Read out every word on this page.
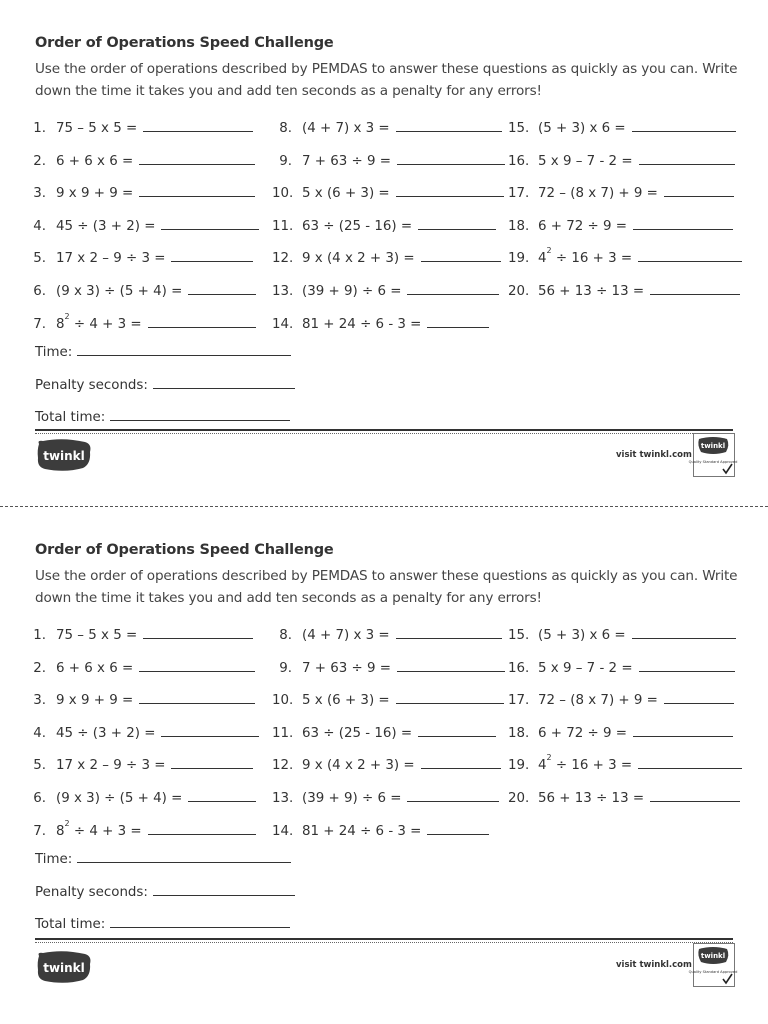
Order of Operations Speed Challenge
Use the order of operations described by PEMDAS to answer these questions as quickly as you can. Write down the time it takes you and add ten seconds as a penalty for any errors!
1. 75 – 5 x 5 =
2. 6 + 6 x 6 =
3. 9 x 9 + 9 =
4. 45 ÷ (3 + 2) =
5. 17 x 2 – 9 ÷ 3 =
6. (9 x 3) ÷ (5 + 4) =
7. $8^2 \div 4 + 3$ =
8. (4 + 7) x 3 =
9. 7 + 63 ÷ 9 =
10. 5 x (6 + 3) =
11. 63 ÷ (25 - 16) =
12. 9 x (4 x 2 + 3) =
13. (39 + 9) ÷ 6 =
14. 81 + 24 ÷ 6 - 3 =
15. (5 + 3) x 6 =
16. 5 x 9 – 7 - 2 =
17. 72 – (8 x 7) + 9 =
18. 6 + 72 ÷ 9 =
19. $4^2 \div 16 + 3$ =
20. 56 + 13 ÷ 13 =
Time:
Penalty seconds:
Total time:
twinkl	visit twinkl.com
twinkl
Quality Standard Approved
Order of Operations Speed Challenge
Use the order of operations described by PEMDAS to answer these questions as quickly as you can. Write down the time it takes you and add ten seconds as a penalty for any errors!
1. 75 – 5 x 5 =
2. 6 + 6 x 6 =
3. 9 x 9 + 9 =
4. 45 ÷ (3 + 2) =
5. 17 x 2 – 9 ÷ 3 =
6. (9 x 3) ÷ (5 + 4) =
7. $8^2 \div 4 + 3$ =
8. (4 + 7) x 3 =
9. 7 + 63 ÷ 9 =
10. 5 x (6 + 3) =
11. 63 ÷ (25 - 16) =
12. 9 x (4 x 2 + 3) =
13. (39 + 9) ÷ 6 =
14. 81 + 24 ÷ 6 - 3 =
15. (5 + 3) x 6 =
16. 5 x 9 – 7 - 2 =
17. 72 – (8 x 7) + 9 =
18. 6 + 72 ÷ 9 =
19. $4^2 \div 16 + 3$ =
20. 56 + 13 ÷ 13 =
Time:
Penalty seconds:
Total time:
twinkl	visit twinkl.com
twinkl
Quality Standard Approved
